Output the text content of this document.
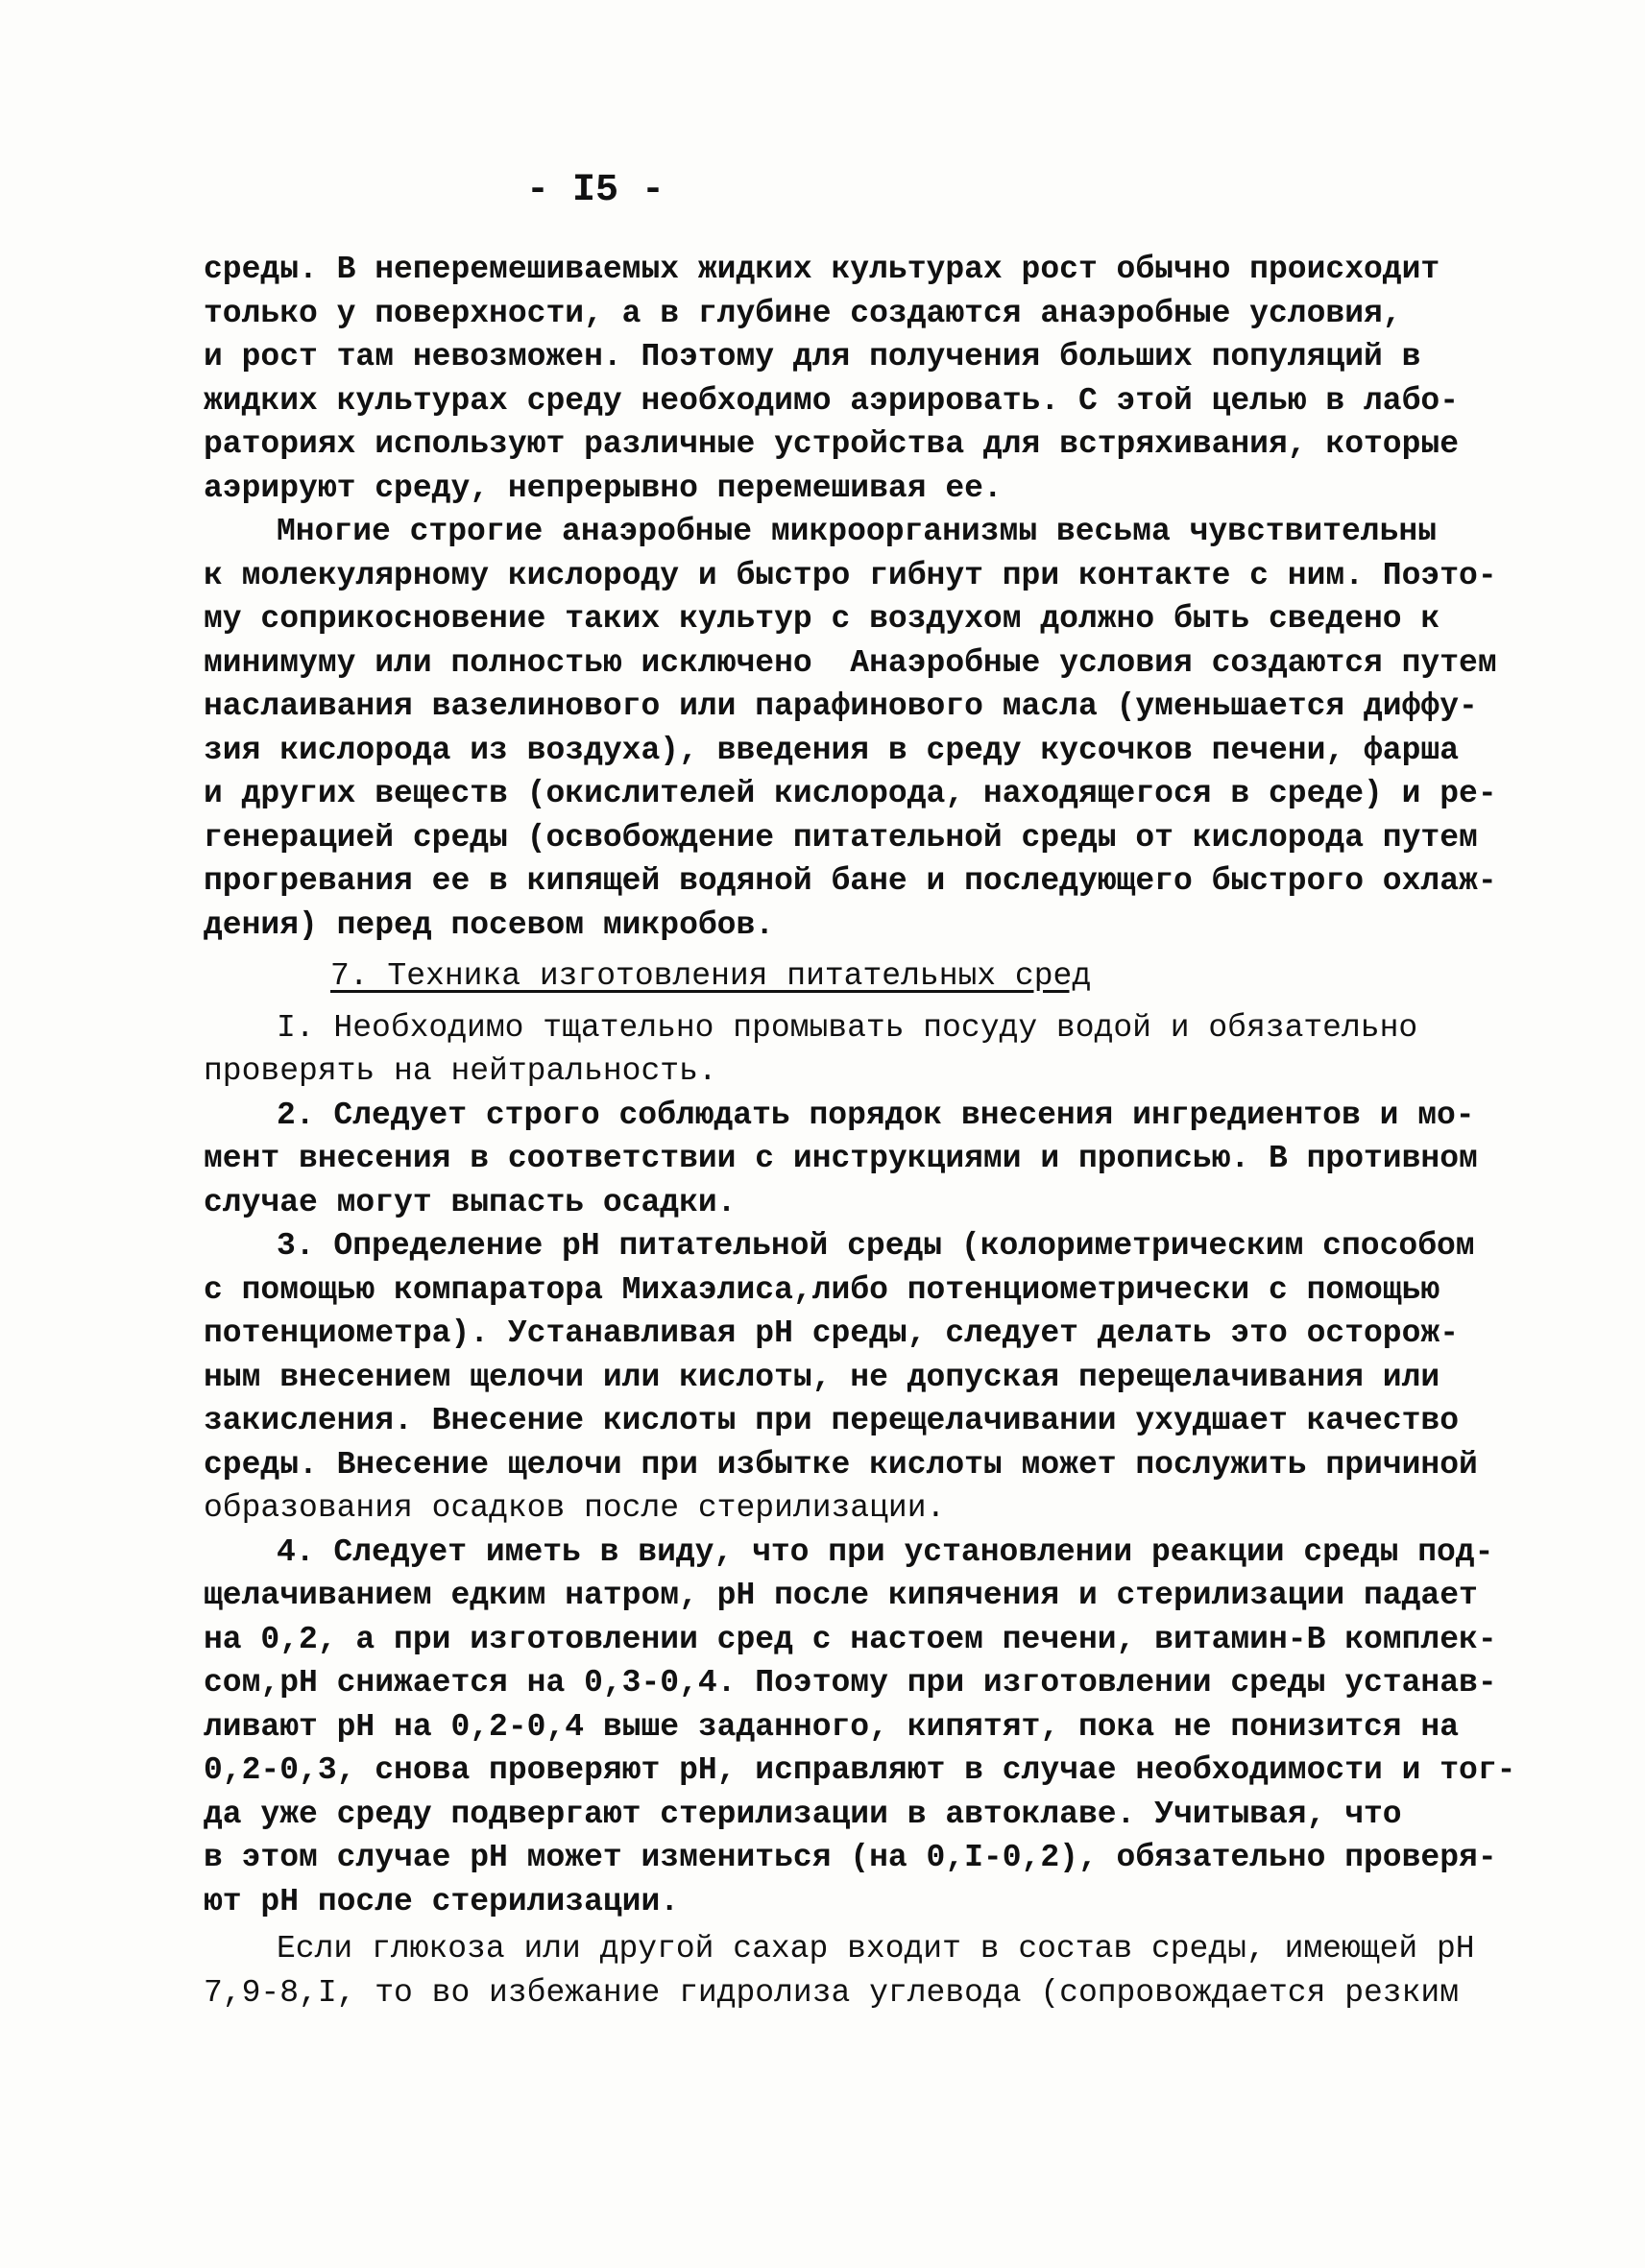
- I5 -
среды. В неперемешиваемых жидких культурах рост обычно происходит
только у поверхности, а в глубине создаются анаэробные условия,
и рост там невозможен. Поэтому для получения больших популяций в
жидких культурах среду необходимо аэрировать. С этой целью в лабо-
раториях используют различные устройства для встряхивания, которые
аэрируют среду, непрерывно перемешивая ее.
Многие строгие анаэробные микроорганизмы весьма чувствительны
к молекулярному кислороду и быстро гибнут при контакте с ним. Поэто-
му соприкосновение таких культур с воздухом должно быть сведено к
минимуму или полностью исключено  Анаэробные условия создаются путем
наслаивания вазелинового или парафинового масла (уменьшается диффу-
зия кислорода из воздуха), введения в среду кусочков печени, фарша
и других веществ (окислителей кислорода, находящегося в среде) и ре-
генерацией среды (освобождение питательной среды от кислорода путем
прогревания ее в кипящей водяной бане и последующего быстрого охлаж-
дения) перед посевом микробов.
7. Техника изготовления питательных сред
I. Необходимо тщательно промывать посуду водой и обязательно
проверять на нейтральность.
2. Следует строго соблюдать порядок внесения ингредиентов и мо-
мент внесения в соответствии с инструкциями и прописью. В противном
случае могут выпасть осадки.
3. Определение рН питательной среды (колориметрическим способом
с помощью компаратора Михаэлиса,либо потенциометрически с помощью
потенциометра). Устанавливая рН среды, следует делать это осторож-
ным внесением щелочи или кислоты, не допуская перещелачивания или
закисления. Внесение кислоты при перещелачивании ухудшает качество
среды. Внесение щелочи при избытке кислоты может послужить причиной
образования осадков после стерилизации.
4. Следует иметь в виду, что при установлении реакции среды под-
щелачиванием едким натром, рН после кипячения и стерилизации падает
на 0,2, а при изготовлении сред с настоем печени, витамин-В комплек-
сом,рН снижается на 0,3-0,4. Поэтому при изготовлении среды устанав-
ливают рН на 0,2-0,4 выше заданного, кипятят, пока не понизится на
0,2-0,3, снова проверяют рН, исправляют в случае необходимости и тог-
да уже среду подвергают стерилизации в автоклаве. Учитывая, что
в этом случае рН может измениться (на 0,I-0,2), обязательно проверя-
ют рН после стерилизации.
Если глюкоза или другой сахар входит в состав среды, имеющей рН
7,9-8,I, то во избежание гидролиза углевода (сопровождается резким
